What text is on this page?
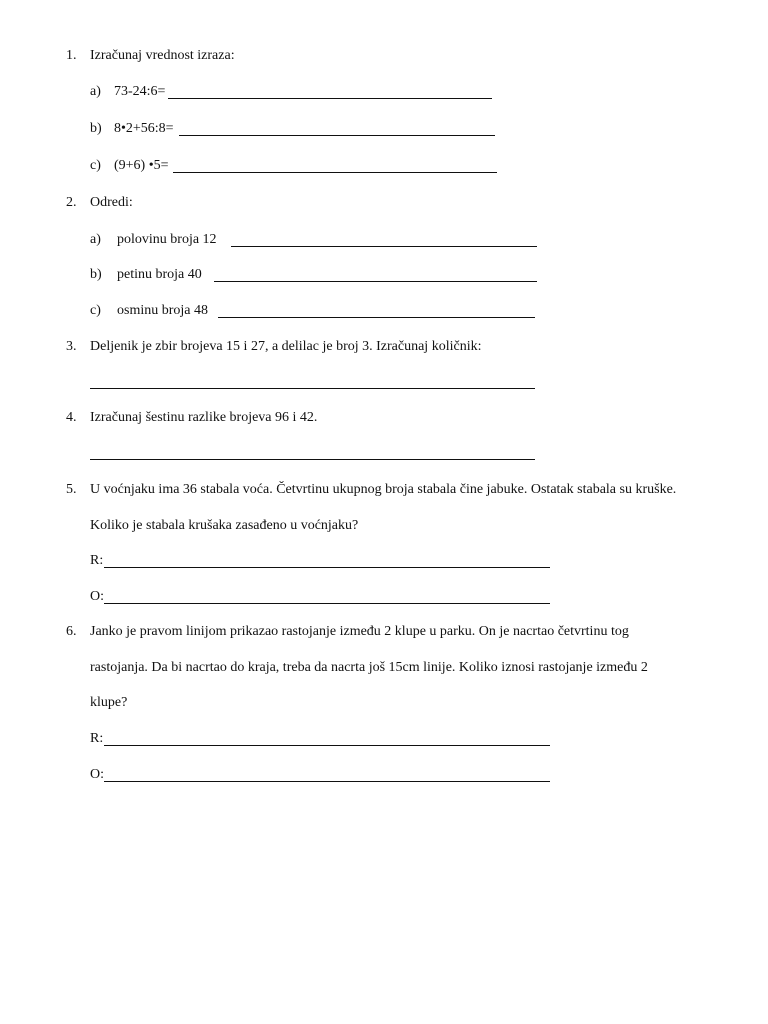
1. Izračunaj vrednost izraza:
a) 73-24:6=
b) 8•2+56:8=
c) (9+6) •5=
2. Odredi:
a) polovinu broja 12
b) petinu broja 40
c) osminu broja 48
3. Deljenik je zbir brojeva 15 i 27, a delilac je broj 3. Izračunaj količnik:
4. Izračunaj šestinu razlike brojeva 96 i 42.
5. U voćnjaku ima 36 stabala voća. Četvrtinu ukupnog broja stabala čine jabuke. Ostatak stabala su kruške.
Koliko je stabala krušaka zasađeno u voćnjaku?
R:
O:
6. Janko je pravom linijom prikazao rastojanje između 2 klupe u parku. On je nacrtao četvrtinu tog
rastojanja. Da bi nacrtao do kraja, treba da nacrta još 15cm linije. Koliko iznosi rastojanje između 2
klupe?
R:
O:
